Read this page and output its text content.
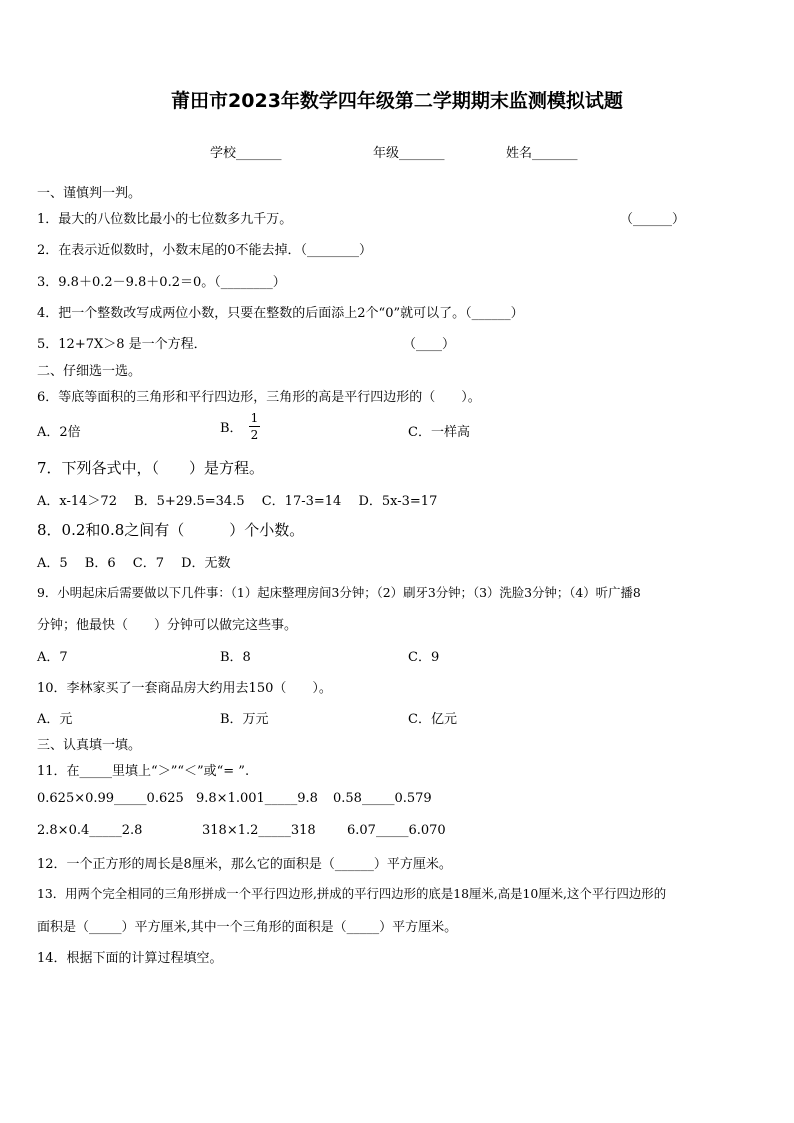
莆田市2023年数学四年级第二学期期末监测模拟试题
学校_______	年级_______	姓名_______
一、谨慎判一判。
1．最大的八位数比最小的七位数多九千万。	（______）
2．在表示近似数时，小数末尾的0不能去掉．（________）
3．9.8＋0.2－9.8＋0.2＝0。（________）
4．把一个整数改写成两位小数，只要在整数的后面添上2个“0”就可以了。（______）
5．12+7X＞8 是一个方程．	（____）
二、仔细选一选。
6．等底等面积的三角形和平行四边形，三角形的高是平行四边形的（　　）。
A．2倍	B． $\frac{1}{2}$	C．一样高
7．下列各式中，（　　）是方程。
A．x-14＞72　 B．5+29.5=34.5　 C．17-3=14　 D．5x-3=17
8．0.2和0.8之间有（　　　）个小数。
A．5　 B．6　 C．7　 D．无数
9．小明起床后需要做以下几件事：（1）起床整理房间3分钟；（2）刷牙3分钟；（3）洗脸3分钟；（4）听广播8
分钟；他最快（　　）分钟可以做完这些事。
A．7	B．8	C．9
10．李林家买了一套商品房大约用去150（　　）。
A．元	B．万元	C．亿元
三、认真填一填。
11．在_____里填上“＞”“＜”或“= ”.
0.625×0.99_____0.625 9.8×1.001_____9.8 0.58_____0.579
2.8×0.4_____2.8	318×1.2_____318 6.07_____6.070
12．一个正方形的周长是8厘米，那么它的面积是（______）平方厘米。
13．用两个完全相同的三角形拼成一个平行四边形,拼成的平行四边形的底是18厘米,高是10厘米,这个平行四边形的
面积是（_____）平方厘米,其中一个三角形的面积是（_____）平方厘米。
14．根据下面的计算过程填空。
